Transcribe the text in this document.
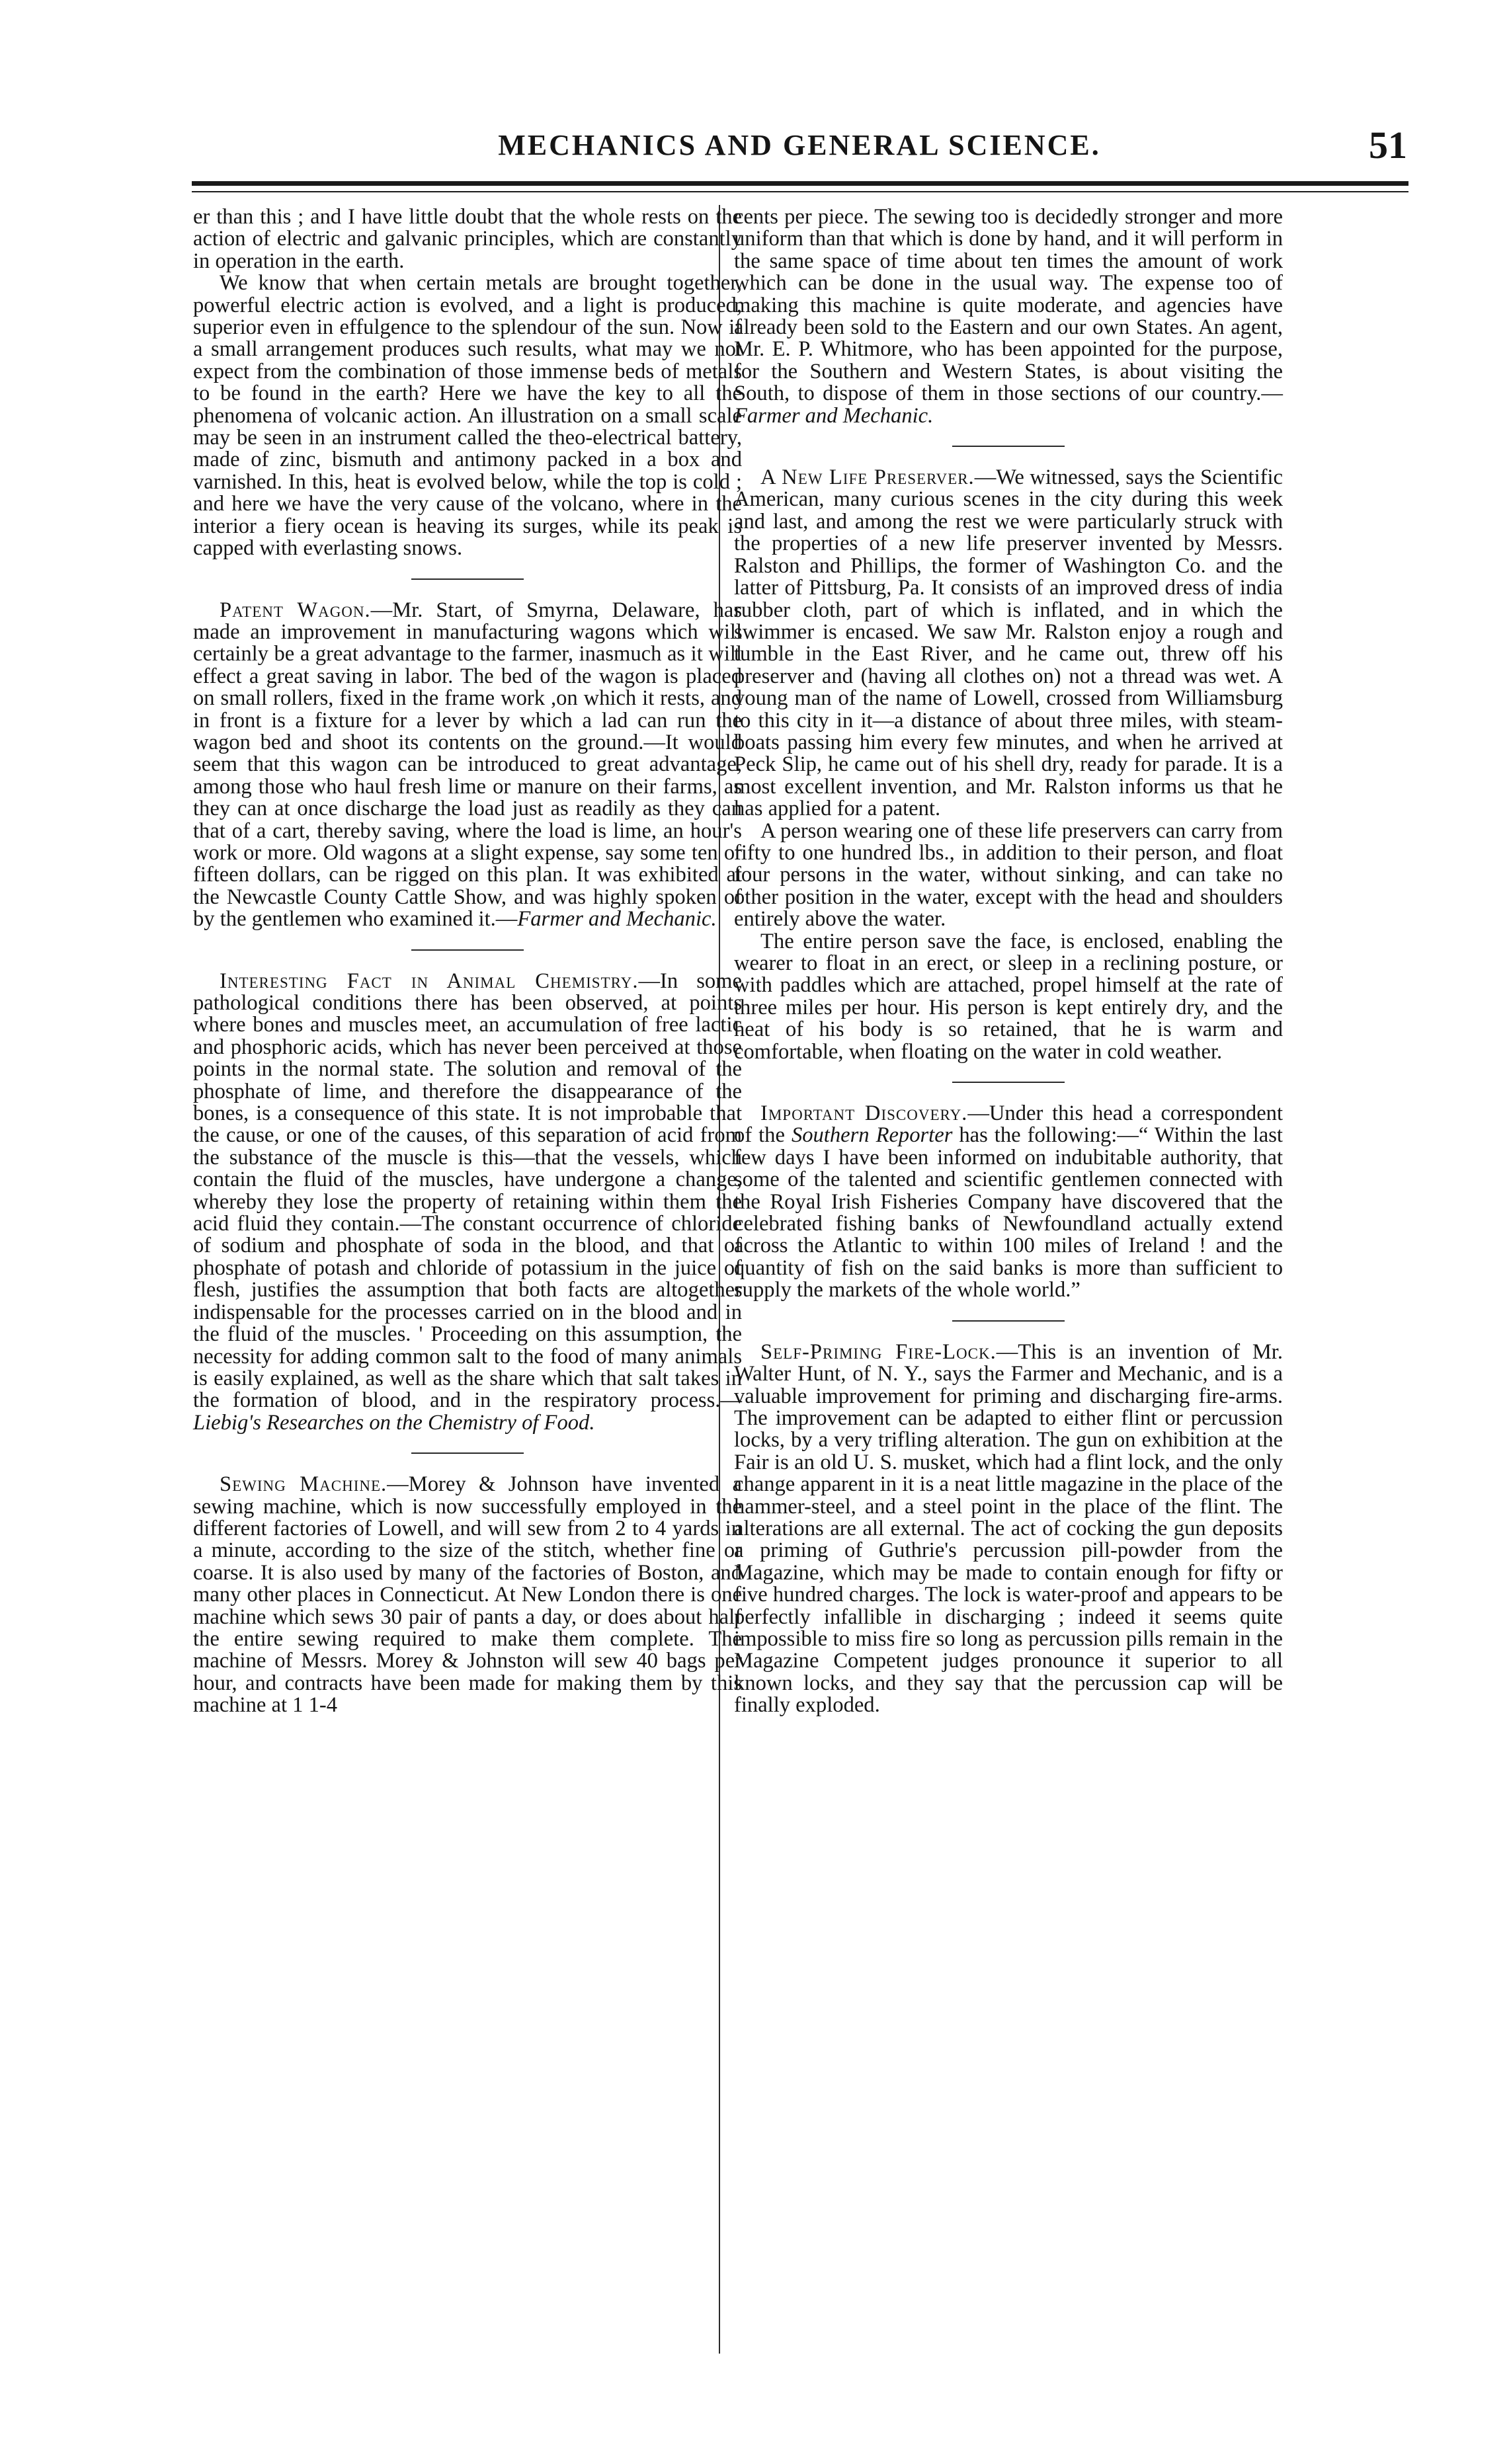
MECHANICS AND GENERAL SCIENCE.	51

er than this ; and I have little doubt that the whole rests on the action of electric and galvanic principles, which are constantly in operation in the earth.

We know that when certain metals are brought together, powerful electric action is evolved, and a light is produced, superior even in effulgence to the splendour of the sun. Now if a small arrangement produces such results, what may we not expect from the combination of those immense beds of metals to be found in the earth? Here we have the key to all the phenomena of volcanic action. An illustration on a small scale may be seen in an instrument called the theo-electrical battery, made of zinc, bismuth and antimony packed in a box and varnished. In this, heat is evolved below, while the top is cold ; and here we have the very cause of the volcano, where in the interior a fiery ocean is heaving its surges, while its peak is capped with everlasting snows.

Patent Wagon.—Mr. Start, of Smyrna, Delaware, has made an improvement in manufacturing wagons which will certainly be a great advantage to the farmer, inasmuch as it will effect a great saving in labor. The bed of the wagon is placed on small rollers, fixed in the frame work ,on which it rests, and in front is a fixture for a lever by which a lad can run the wagon bed and shoot its contents on the ground.—It would seem that this wagon can be introduced to great advantage, among those who haul fresh lime or manure on their farms, as they can at once discharge the load just as readily as they can that of a cart, thereby saving, where the load is lime, an hour's work or more. Old wagons at a slight expense, say some ten or fifteen dollars, can be rigged on this plan. It was exhibited at the Newcastle County Cattle Show, and was highly spoken of by the gentlemen who examined it.—Farmer and Mechanic.

Interesting Fact in Animal Chemistry.—In some pathological conditions there has been observed, at points where bones and muscles meet, an accumulation of free lactic and phosphoric acids, which has never been perceived at those points in the normal state. The solution and removal of the phosphate of lime, and therefore the disappearance of the bones, is a consequence of this state. It is not improbable that the cause, or one of the causes, of this separation of acid from the substance of the muscle is this—that the vessels, which contain the fluid of the muscles, have undergone a change, whereby they lose the property of retaining within them the acid fluid they contain.—The constant occurrence of chloride of sodium and phosphate of soda in the blood, and that of phosphate of potash and chloride of potassium in the juice of flesh, justifies the assumption that both facts are altogether indispensable for the processes carried on in the blood and in the fluid of the muscles. ' Proceeding on this assumption, the necessity for adding common salt to the food of many animals is easily explained, as well as the share which that salt takes in the formation of blood, and in the respiratory process.—Liebig's Researches on the Chemistry of Food.

Sewing Machine.—Morey & Johnson have invented a sewing machine, which is now successfully employed in the different factories of Lowell, and will sew from 2 to 4 yards in a minute, according to the size of the stitch, whether fine or coarse. It is also used by many of the factories of Boston, and many other places in Connecticut. At New London there is one machine which sews 30 pair of pants a day, or does about half the entire sewing required to make them complete. The machine of Messrs. Morey & Johnston will sew 40 bags per hour, and contracts have been made for making them by this machine at 1 1-4

cents per piece. The sewing too is decidedly stronger and more uniform than that which is done by hand, and it will perform in the same space of time about ten times the amount of work which can be done in the usual way. The expense too of making this machine is quite moderate, and agencies have already been sold to the Eastern and our own States. An agent, Mr. E. P. Whitmore, who has been appointed for the purpose, for the Southern and Western States, is about visiting the South, to dispose of them in those sections of our country.—Farmer and Mechanic.

A New Life Preserver.—We witnessed, says the Scientific American, many curious scenes in the city during this week and last, and among the rest we were particularly struck with the properties of a new life preserver invented by Messrs. Ralston and Phillips, the former of Washington Co. and the latter of Pittsburg, Pa. It consists of an improved dress of india rubber cloth, part of which is inflated, and in which the swimmer is encased. We saw Mr. Ralston enjoy a rough and tumble in the East River, and he came out, threw off his preserver and (having all clothes on) not a thread was wet. A young man of the name of Lowell, crossed from Williamsburg to this city in it—a distance of about three miles, with steam-boats passing him every few minutes, and when he arrived at Peck Slip, he came out of his shell dry, ready for parade. It is a most excellent invention, and Mr. Ralston informs us that he has applied for a patent.

A person wearing one of these life preservers can carry from fifty to one hundred lbs., in addition to their person, and float four persons in the water, without sinking, and can take no other position in the water, except with the head and shoulders entirely above the water.

The entire person save the face, is enclosed, enabling the wearer to float in an erect, or sleep in a reclining posture, or with paddles which are attached, propel himself at the rate of three miles per hour. His person is kept entirely dry, and the heat of his body is so retained, that he is warm and comfortable, when floating on the water in cold weather.

Important Discovery.—Under this head a correspondent of the Southern Reporter has the following:—“ Within the last few days I have been informed on indubitable authority, that some of the talented and scientific gentlemen connected with the Royal Irish Fisheries Company have discovered that the celebrated fishing banks of Newfoundland actually extend across the Atlantic to within 100 miles of Ireland ! and the quantity of fish on the said banks is more than sufficient to supply the markets of the whole world.”

Self-Priming Fire-Lock.—This is an invention of Mr. Walter Hunt, of N. Y., says the Farmer and Mechanic, and is a valuable improvement for priming and discharging fire-arms. The improvement can be adapted to either flint or percussion locks, by a very trifling alteration. The gun on exhibition at the Fair is an old U. S. musket, which had a flint lock, and the only change apparent in it is a neat little magazine in the place of the hammer-steel, and a steel point in the place of the flint. The alterations are all external. The act of cocking the gun deposits a priming of Guthrie's percussion pill-powder from the Magazine, which may be made to contain enough for fifty or five hundred charges. The lock is water-proof and appears to be perfectly infallible in discharging ; indeed it seems quite impossible to miss fire so long as percussion pills remain in the Magazine Competent judges pronounce it superior to all known locks, and they say that the percussion cap will be finally exploded.
